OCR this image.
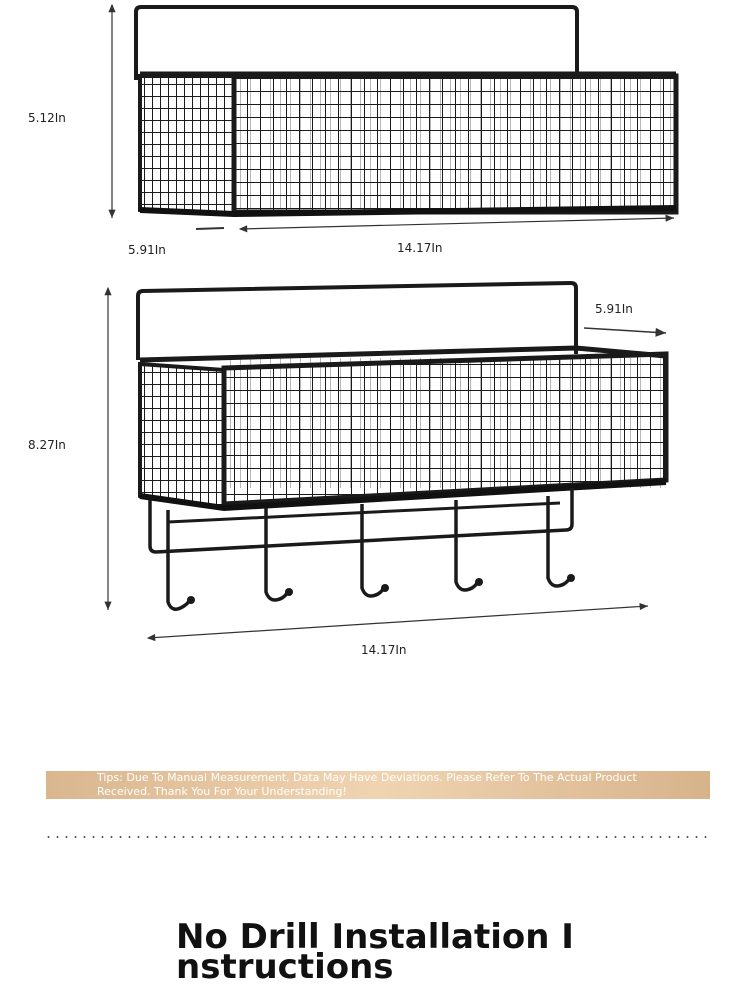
5.12In
5.91In	14.17In
8.27In
5.91In
14.17In
Tips: Due To Manual Measurement, Data May Have Deviations. Please Refer To The Actual Product Received. Thank You For Your Understanding!
No Drill Installation Instructions
